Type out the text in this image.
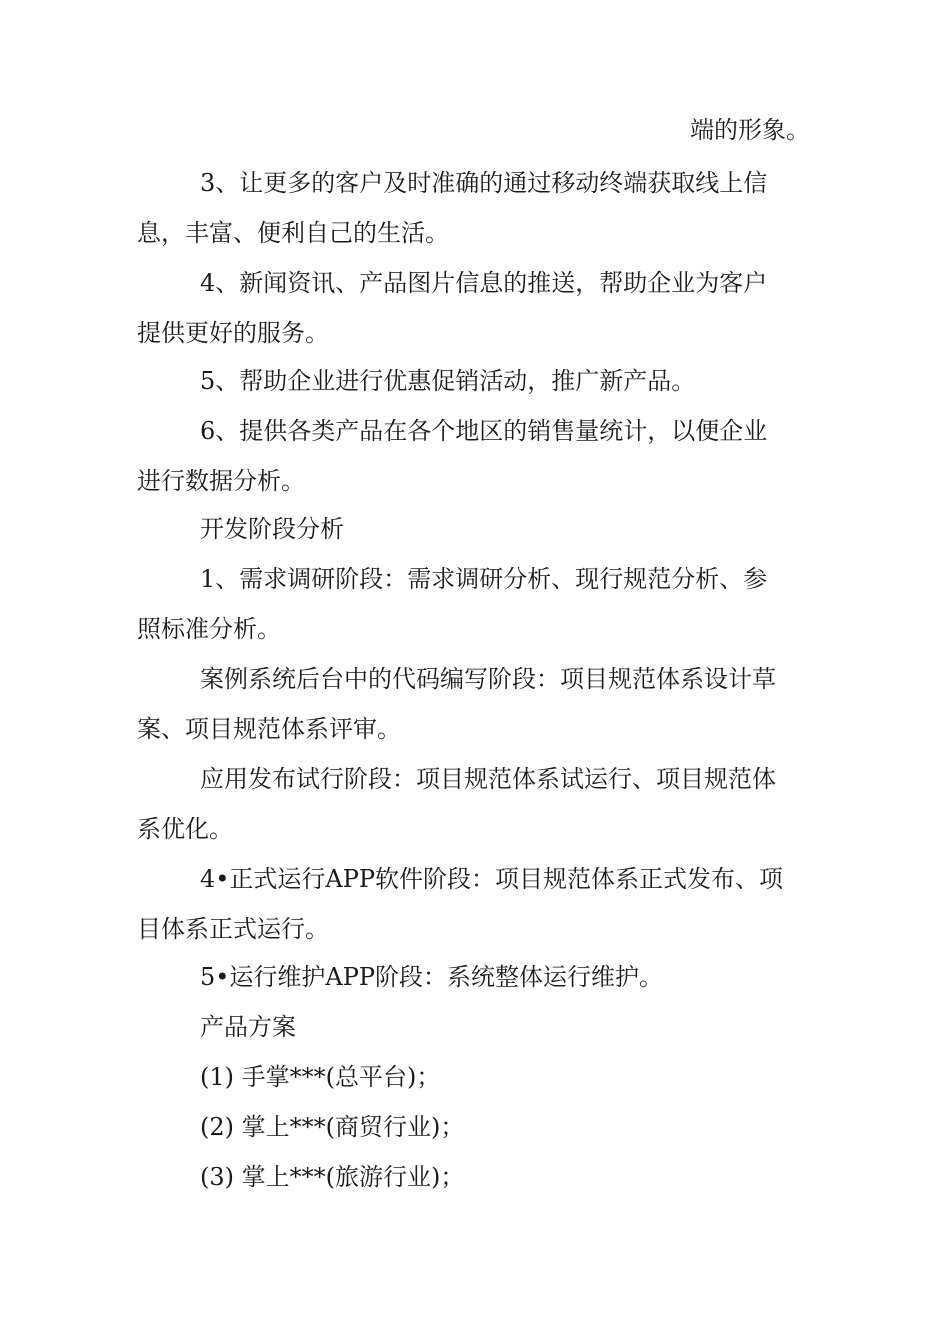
端的形象。
3、让更多的客户及时准确的通过移动终端获取线上信
息，丰富、便利自己的生活。
4、新闻资讯、产品图片信息的推送，帮助企业为客户
提供更好的服务。
5、帮助企业进行优惠促销活动，推广新产品。
6、提供各类产品在各个地区的销售量统计，以便企业
进行数据分析。
开发阶段分析
1、需求调研阶段：需求调研分析、现行规范分析、参
照标准分析。
案例系统后台中的代码编写阶段：项目规范体系设计草
案、项目规范体系评审。
应用发布试行阶段：项目规范体系试运行、项目规范体
系优化。
4•正式运行APP软件阶段：项目规范体系正式发布、项
目体系正式运行。
5•运行维护APP阶段：系统整体运行维护。
产品方案
(1) 手掌***(总平台)；
(2) 掌上***(商贸行业)；
(3) 掌上***(旅游行业)；
